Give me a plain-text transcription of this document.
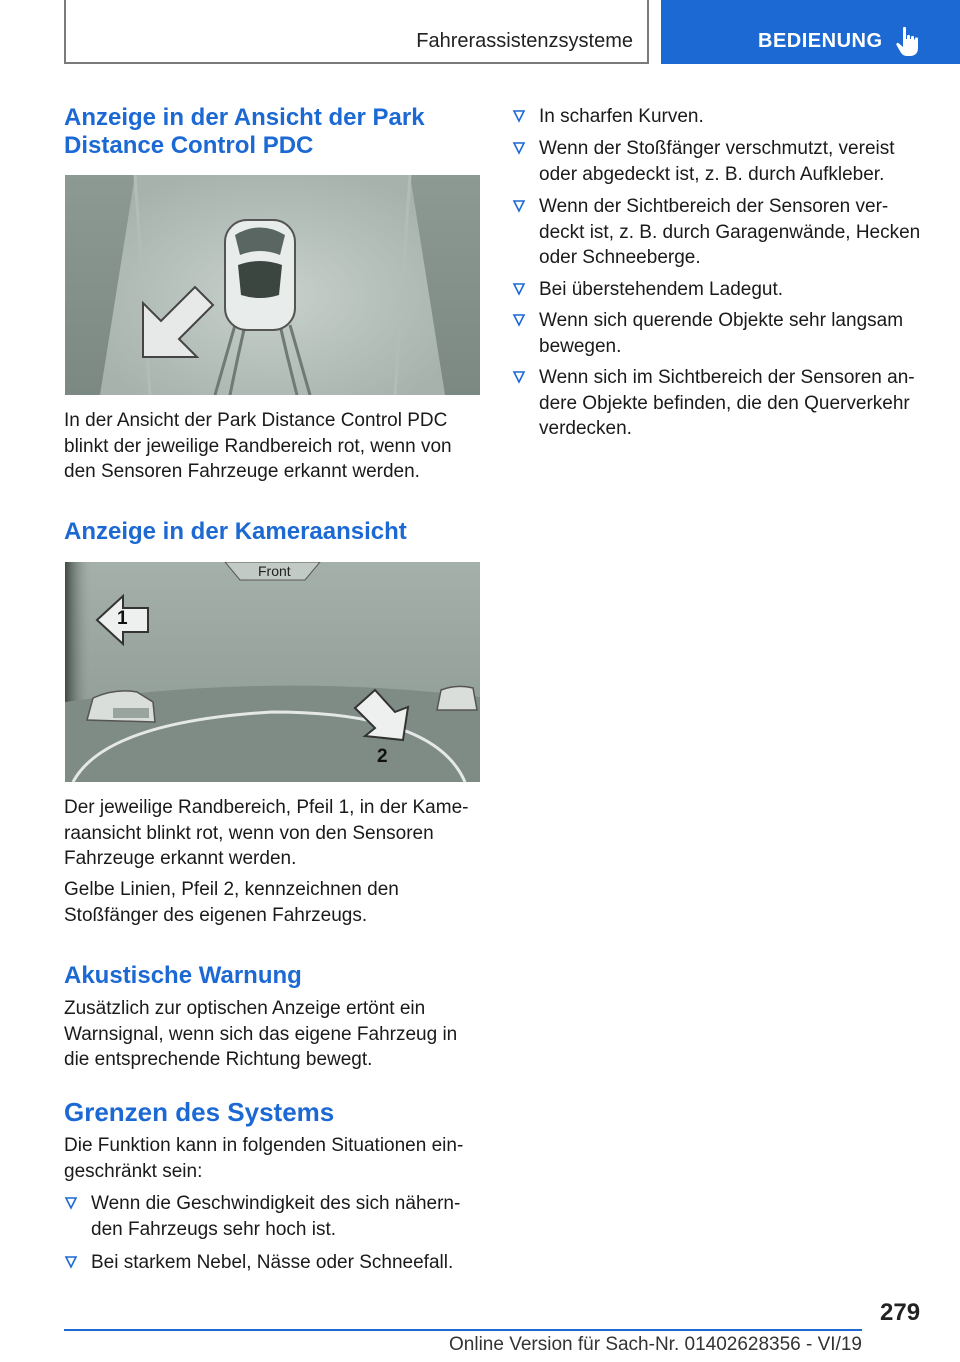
Fahrerassistenzsysteme	BEDIENUNG
Anzeige in der Ansicht der Park Distance Control PDC

In der Ansicht der Park Distance Control PDC blinkt der jeweilige Randbereich rot, wenn von den Sensoren Fahrzeuge erkannt werden.

Anzeige in der Kameraansicht
Front
1
2

Der jeweilige Randbereich, Pfeil 1, in der Kameraansicht blinkt rot, wenn von den Sensoren Fahrzeuge erkannt werden.

Gelbe Linien, Pfeil 2, kennzeichnen den Stoßfänger des eigenen Fahrzeugs.

Akustische Warnung

Zusätzlich zur optischen Anzeige ertönt ein Warnsignal, wenn sich das eigene Fahrzeug in die entsprechende Richtung bewegt.

Grenzen des Systems

Die Funktion kann in folgenden Situationen eingeschränkt sein:

Wenn die Geschwindigkeit des sich nähernden Fahrzeugs sehr hoch ist.
Bei starkem Nebel, Nässe oder Schneefall.
In scharfen Kurven.
Wenn der Stoßfänger verschmutzt, vereist oder abgedeckt ist, z. B. durch Aufkleber.
Wenn der Sichtbereich der Sensoren verdeckt ist, z. B. durch Garagenwände, Hecken oder Schneeberge.
Bei überstehendem Ladegut.
Wenn sich querende Objekte sehr langsam bewegen.
Wenn sich im Sichtbereich der Sensoren andere Objekte befinden, die den Querverkehr verdecken.
279
Online Version für Sach-Nr. 01402628356 - VI/19
